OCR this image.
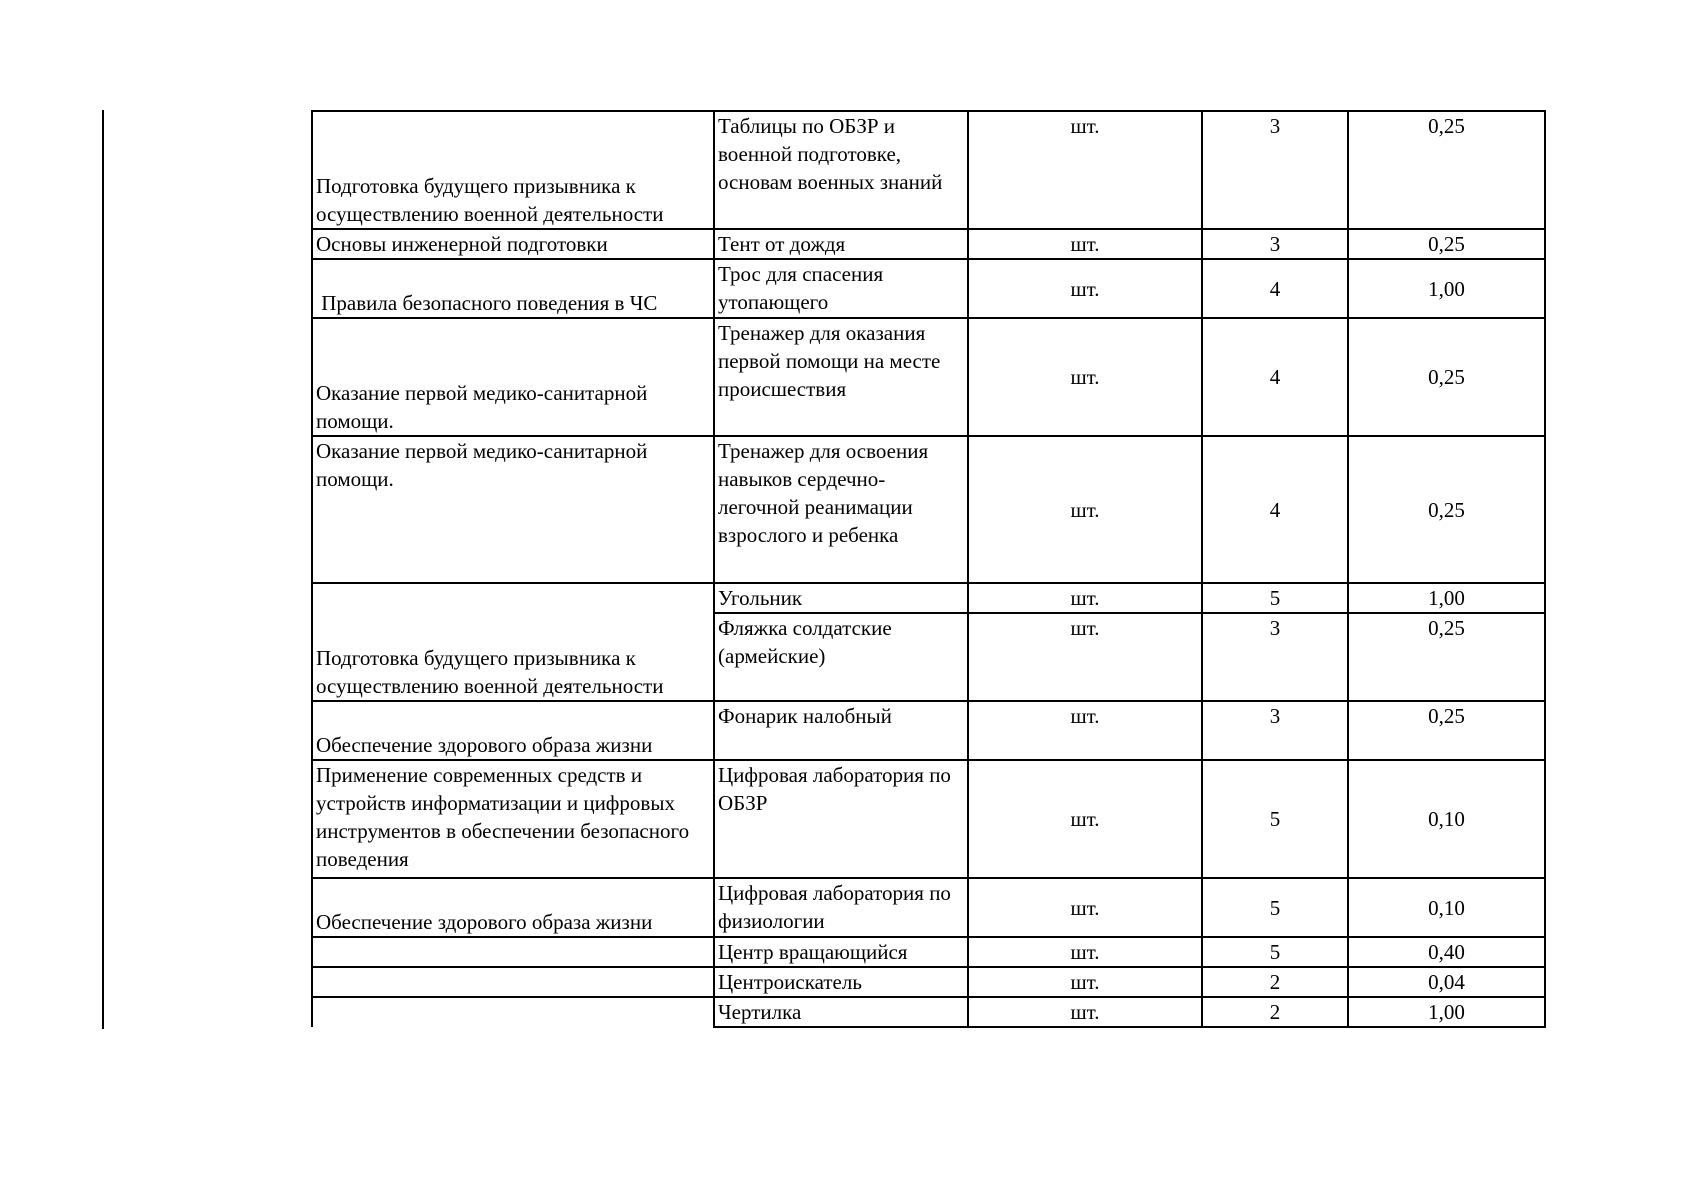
Подготовка будущего призывника к осуществлению военной деятельности	Таблицы по ОБЗР и военной подготовке, основам военных знаний	шт.	3	0,25
Основы инженерной подготовки	Тент от дождя	шт.	3	0,25
Правила безопасного поведения в ЧС	Трос для спасения утопающего	шт.	4	1,00
Оказание первой медико-санитарной помощи.	Тренажер для оказания первой помощи на месте происшествия	шт.	4	0,25
Оказание первой медико-санитарной помощи.	Тренажер для освоения навыков сердечно-легочной реанимации взрослого и ребенка	шт.	4	0,25
Подготовка будущего призывника к осуществлению военной деятельности	Угольник	шт.	5	1,00
	Фляжка солдатские (армейские)	шт.	3	0,25
Обеспечение здорового образа жизни	Фонарик налобный	шт.	3	0,25
Применение современных средств и устройств информатизации и цифровых инструментов в обеспечении безопасного поведения	Цифровая лаборатория по ОБЗР	шт.	5	0,10
Обеспечение здорового образа жизни	Цифровая лаборатория по физиологии	шт.	5	0,10
	Центр вращающийся	шт.	5	0,40
	Центроискатель	шт.	2	0,04
	Чертилка	шт.	2	1,00
